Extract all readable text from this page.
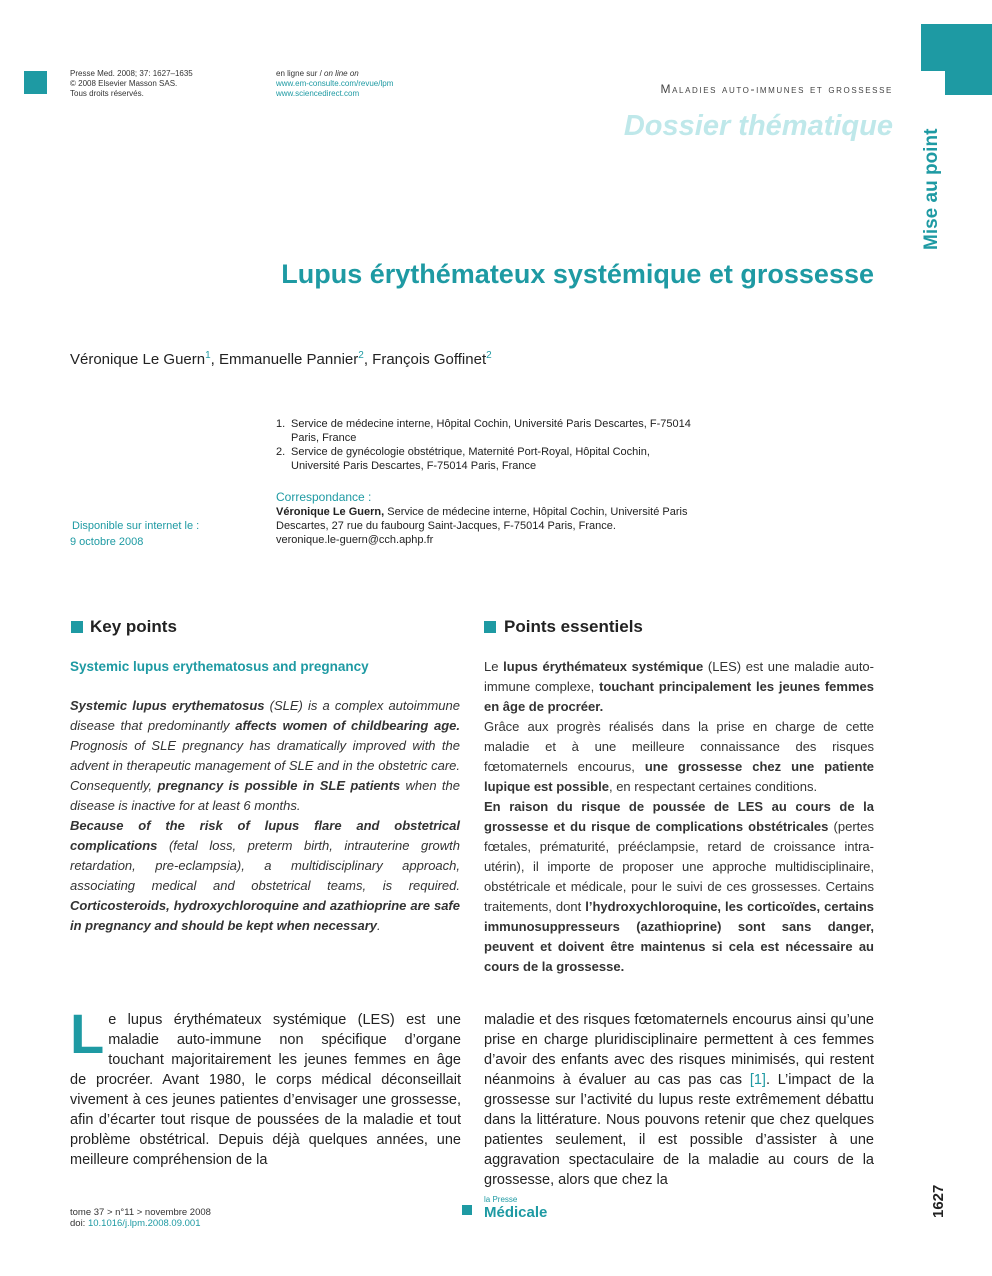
Presse Med. 2008; 37: 1627–1635
© 2008 Elsevier Masson SAS.
Tous droits réservés.
en ligne sur / on line on
www.em-consulte.com/revue/lpm
www.sciencedirect.com	Maladies auto-immunes et grossesse
Dossier thématique
Mise au point
Lupus érythémateux systémique et grossesse
Véronique Le Guern$^1$, Emmanuelle Pannier$^2$, François Goffinet$^2$
1. Service de médecine interne, Hôpital Cochin, Université Paris Descartes, F-75014
Paris, France
2. Service de gynécologie obstétrique, Maternité Port-Royal, Hôpital Cochin,
Université Paris Descartes, F-75014 Paris, France
Correspondance :
Véronique Le Guern, Service de médecine interne, Hôpital Cochin, Université Paris
Descartes, 27 rue du faubourg Saint-Jacques, F-75014 Paris, France.
veronique.le-guern@cch.aphp.fr
Disponible sur internet le :
9 octobre 2008
Key points
Systemic lupus erythematosus and pregnancy

Systemic lupus erythematosus (SLE) is a complex autoimmune disease that predominantly affects women of childbearing age. Prognosis of SLE pregnancy has dramatically improved with the advent in therapeutic management of SLE and in the obstetric care. Consequently, pregnancy is possible in SLE patients when the disease is inactive for at least 6 months.

Because of the risk of lupus flare and obstetrical complications (fetal loss, preterm birth, intrauterine growth retardation, pre-eclampsia), a multidisciplinary approach, associating medical and obstetrical teams, is required. Corticosteroids, hydroxychloroquine and azathioprine are safe in pregnancy and should be kept when necessary.

Points essentiels

Le lupus érythémateux systémique (LES) est une maladie auto-immune complexe, touchant principalement les jeunes femmes en âge de procréer.

Grâce aux progrès réalisés dans la prise en charge de cette maladie et à une meilleure connaissance des risques fœtomaternels encourus, une grossesse chez une patiente lupique est possible, en respectant certaines conditions.

En raison du risque de poussée de LES au cours de la grossesse et du risque de complications obstétricales (pertes fœtales, prématurité, prééclampsie, retard de croissance intra-utérin), il importe de proposer une approche multidisciplinaire, obstétricale et médicale, pour le suivi de ces grossesses. Certains traitements, dont l’hydroxychloroquine, les corticoïdes, certains immunosuppresseurs (azathioprine) sont sans danger, peuvent et doivent être maintenus si cela est nécessaire au cours de la grossesse.

Le lupus érythémateux systémique (LES) est une maladie auto-immune non spécifique d’organe touchant majoritairement les jeunes femmes en âge de procréer. Avant 1980, le corps médical déconseillait vivement à ces jeunes patientes d’envisager une grossesse, afin d’écarter tout risque de poussées de la maladie et tout problème obstétrical. Depuis déjà quelques années, une meilleure compréhension de la
maladie et des risques fœtomaternels encourus ainsi qu’une prise en charge pluridisciplinaire permettent à ces femmes d’avoir des enfants avec des risques minimisés, qui restent néanmoins à évaluer au cas pas cas [1]. L’impact de la grossesse sur l’activité du lupus reste extrêmement débattu dans la littérature. Nous pouvons retenir que chez quelques patientes seulement, il est possible d’assister à une aggravation spectaculaire de la maladie au cours de la grossesse, alors que chez la
tome 37 > n°11 > novembre 2008
doi: 10.1016/j.lpm.2008.09.001
la Presse
Médicale	1627
